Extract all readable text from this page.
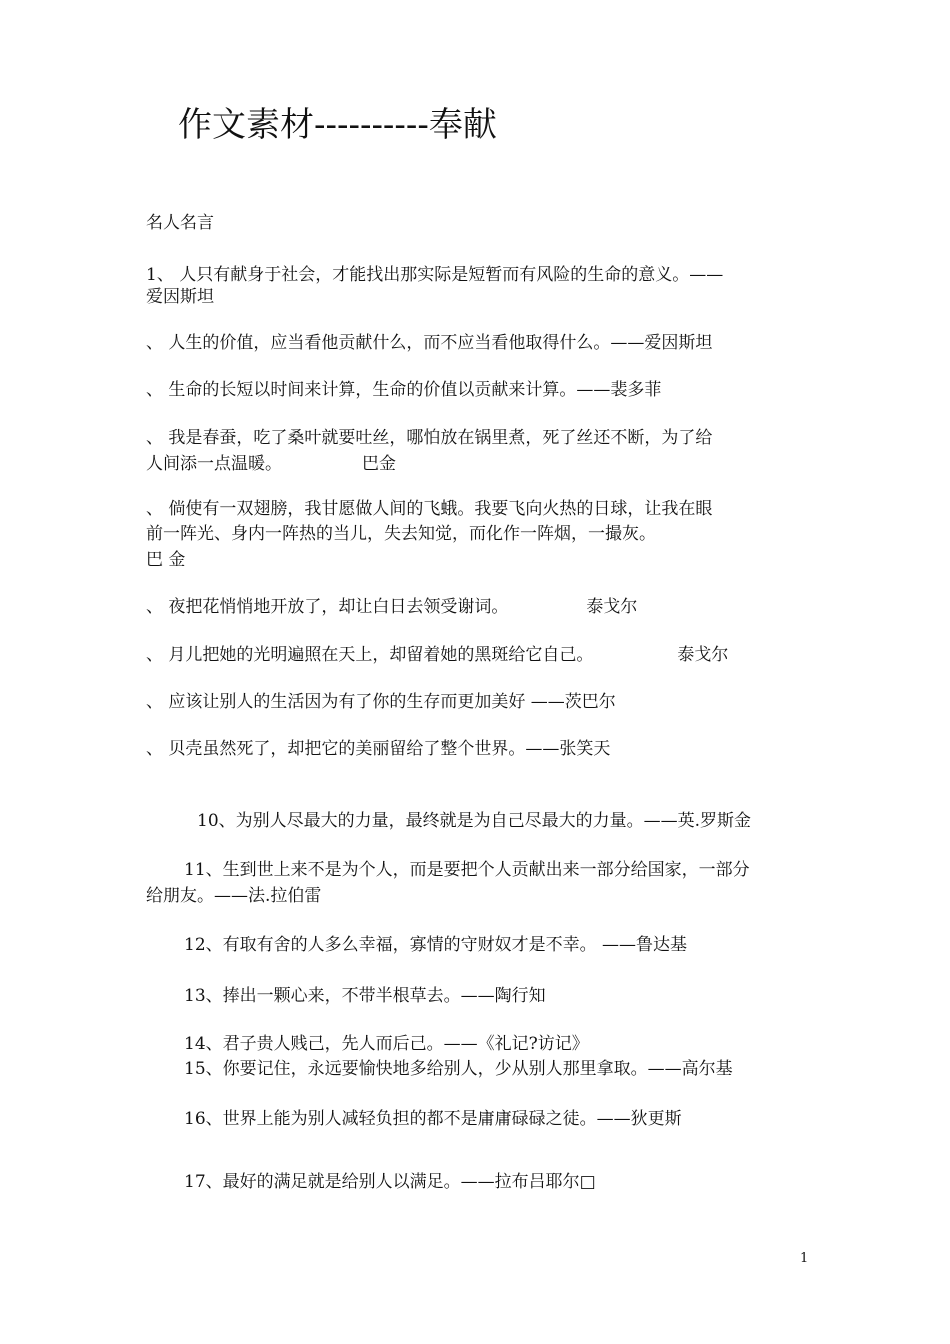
作文素材----------奉献
名人名言
1、 人只有献身于社会，才能找出那实际是短暂而有风险的生命的意义。——
爱因斯坦
、 人生的价值，应当看他贡献什么，而不应当看他取得什么。——爱因斯坦
、 生命的长短以时间来计算，生命的价值以贡献来计算。——裴多菲
、 我是春蚕，吃了桑叶就要吐丝，哪怕放在锅里煮，死了丝还不断，为了给
人间添一点温暖。	巴金
、 倘使有一双翅膀，我甘愿做人间的飞蛾。我要飞向火热的日球，让我在眼
前一阵光、身内一阵热的当儿，失去知觉，而化作一阵烟，一撮灰。
巴 金
、 夜把花悄悄地开放了，却让白日去领受谢词。	泰戈尔
、 月儿把她的光明遍照在天上，却留着她的黑斑给它自己。	泰戈尔
、 应该让别人的生活因为有了你的生存而更加美好 ——茨巴尔
、 贝壳虽然死了，却把它的美丽留给了整个世界。——张笑天
10、为别人尽最大的力量，最终就是为自己尽最大的力量。——英.罗斯金
11、生到世上来不是为个人，而是要把个人贡献出来一部分给国家，一部分
给朋友。——法.拉伯雷
12、有取有舍的人多么幸福，寡情的守财奴才是不幸。 ——鲁达基
13、捧出一颗心来，不带半根草去。——陶行知
14、君子贵人贱己，先人而后己。——《礼记?访记》
15、你要记住，永远要愉快地多给别人，少从别人那里拿取。——高尔基
16、世界上能为别人减轻负担的都不是庸庸碌碌之徒。——狄更斯
17、最好的满足就是给别人以满足。——拉布吕耶尔□
1
